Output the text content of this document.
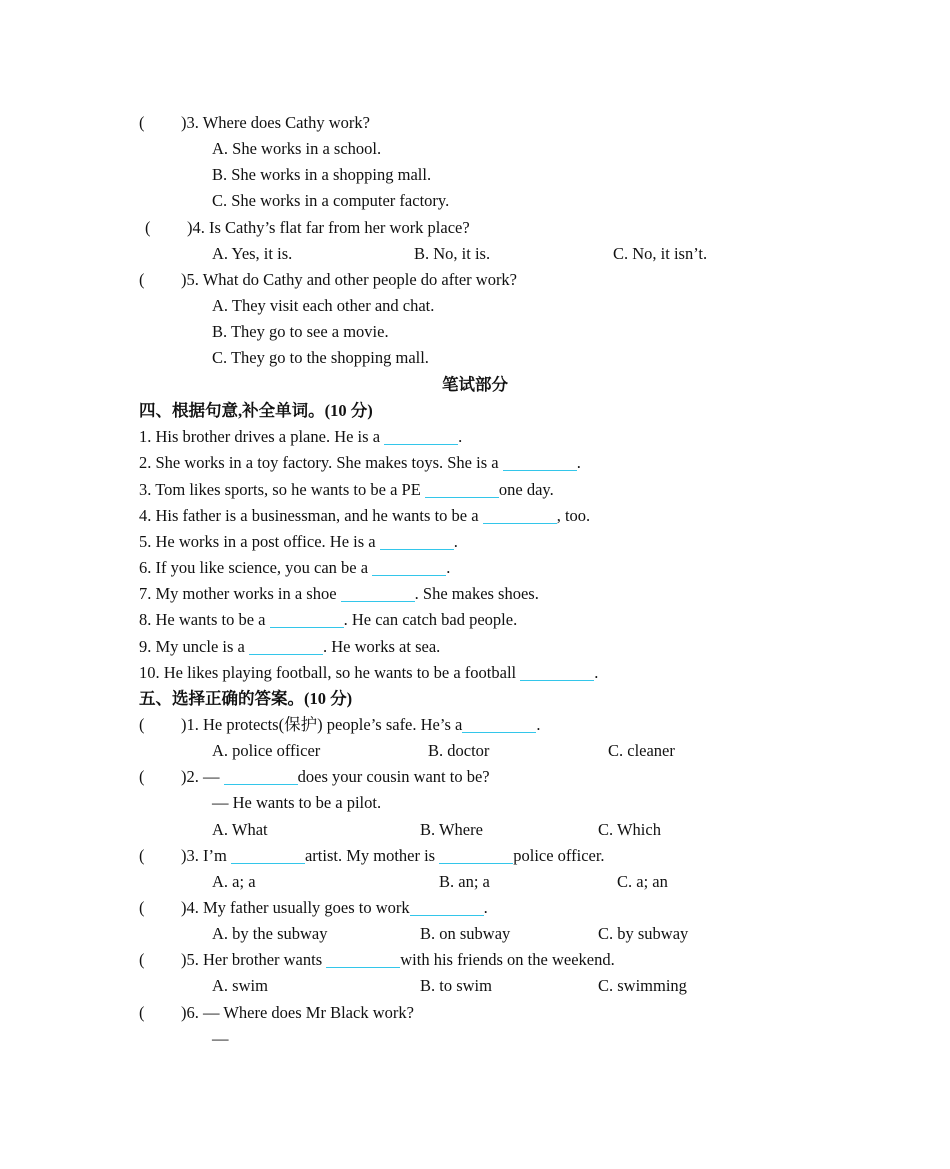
( )3. Where does Cathy work?
A. She works in a school.
B. She works in a shopping mall.
C. She works in a computer factory.
( )4. Is Cathy’s flat far from her work place?
A. Yes, it is.	B. No, it is.	C. No, it isn’t.
( )5. What do Cathy and other people do after work?
A. They visit each other and chat.
B. They go to see a movie.
C. They go to the shopping mall.
笔试部分
四、根据句意,补全单词。(10 分)
1. His brother drives a plane. He is a	.
2. She works in a toy factory. She makes toys. She is a	.
3. Tom likes sports, so he wants to be a PE	one day.
4. His father is a businessman, and he wants to be a	, too.
5. He works in a post office. He is a	.
6. If you like science, you can be a	.
7. My mother works in a shoe	. She makes shoes.
8. He wants to be a	. He can catch bad people.
9. My uncle is a	. He works at sea.
10. He likes playing football, so he wants to be a football	.
五、选择正确的答案。(10 分)
( )1. He protects(保护) people’s safe. He’s a	.
A. police officer	B. doctor	C. cleaner
( )2. —	does your cousin want to be?
— He wants to be a pilot.
A. What	B. Where	C. Which
( )3. I’m	artist. My mother is	police officer.
A. a; a	B. an; a	C. a; an
( )4. My father usually goes to work	.
A. by the subway	B. on subway	C. by subway
( )5. Her brother wants	with his friends on the weekend.
A. swim	B. to swim	C. swimming
( )6. — Where does Mr Black work?
—
